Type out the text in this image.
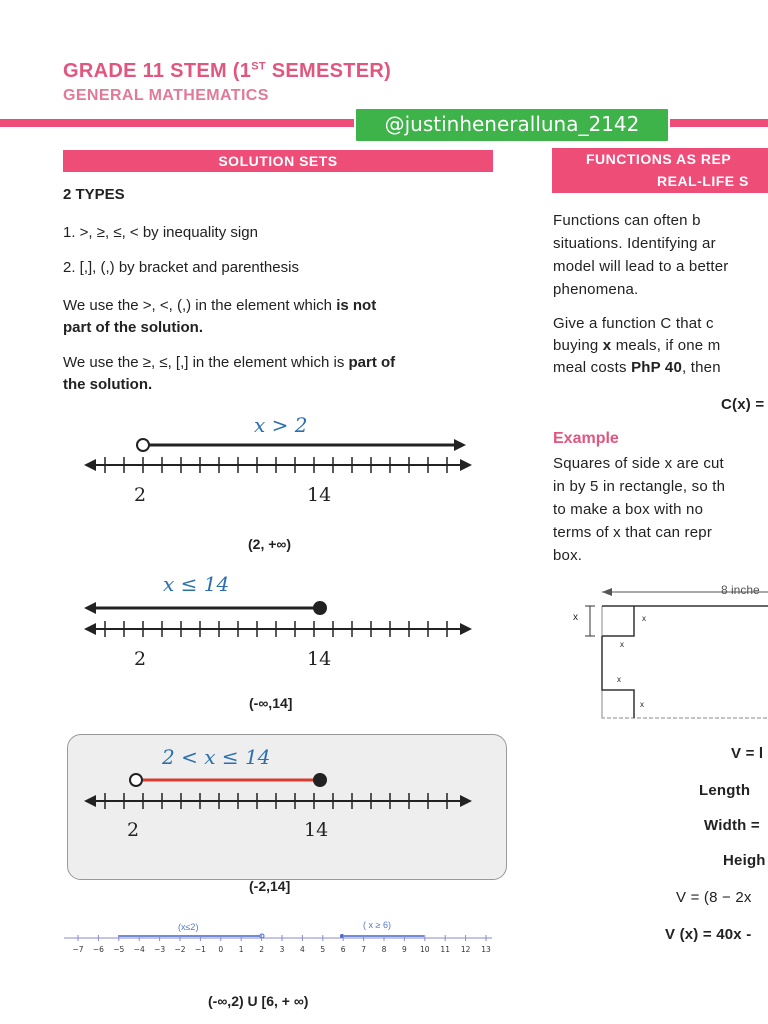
GRADE 11 STEM (1ST SEMESTER)
GENERAL MATHEMATICS
@justinheneralluna_2142
SOLUTION SETS
2 TYPES
1. >, ≥, ≤, < by inequality sign
2. [,], (,) by bracket and parenthesis
We use the >, <, (,) in the element which is not
part of the solution.
We use the ≥, ≤, [,] in the element which is part of
the solution.
x > 2
2	14
(2, +∞)
x ≤ 14
2	14
(-∞,14]
2 < x ≤ 14
2	14
(-2,14]
(x≤2)	( x ≥ 6)
−7 −6 −5 −4 −3 −2 −1 0 1 2 3 4 5 6 7 8 9 10 11 12 13
(-∞,2) U [6, + ∞)
FUNCTIONS AS REP
REAL-LIFE S
Functions can often b
situations. Identifying ar
model will lead to a better
phenomena.
Give a function C that c
buying x meals, if one m
meal costs PhP 40, then
C(x) =
Example
Squares of side x are cut
in by 5 in rectangle, so th
to make a box with no
terms of x that can repr
box.
8 inche
x	x
x
x
x
V = l
Length
Width =
Heigh
V = (8 − 2x
V (x) = 40x -
